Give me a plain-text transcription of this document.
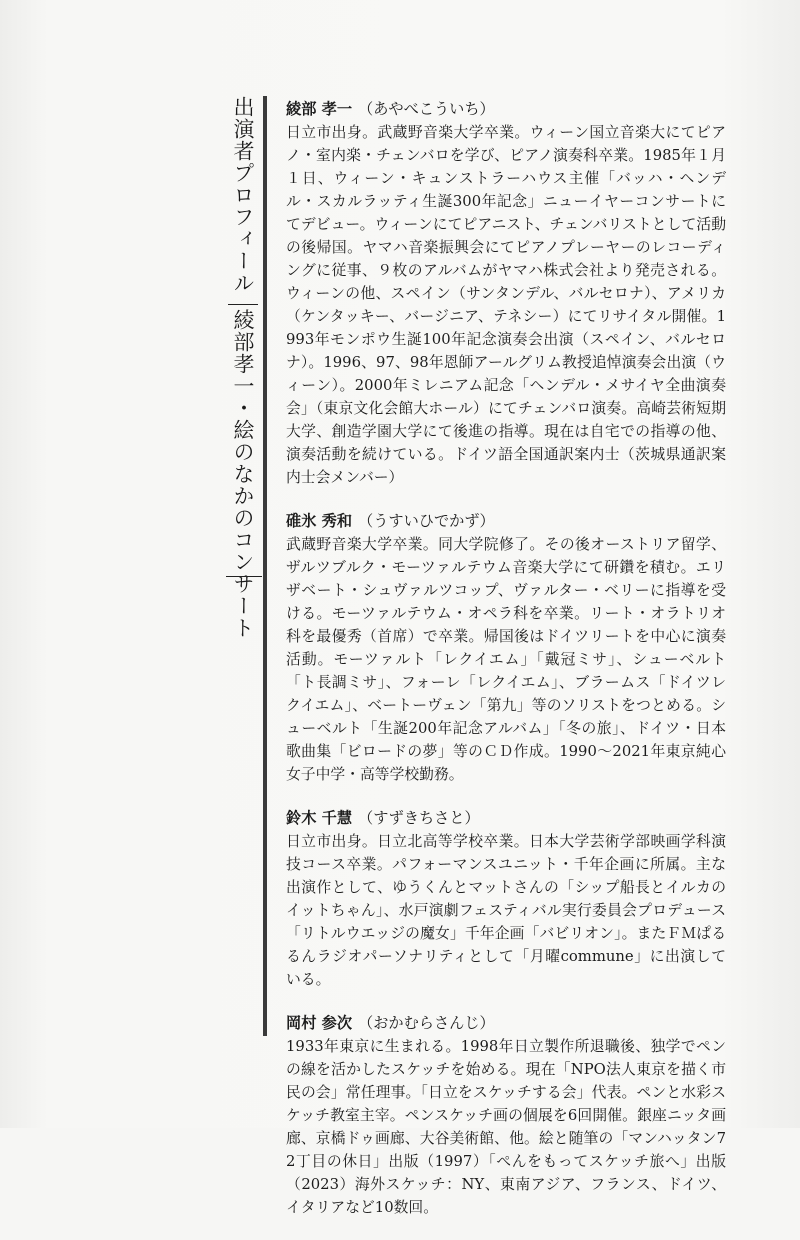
出演者プロフィール綾部孝一・絵のなかのコンサート
綾部 孝一 （あやべこういち）
日立市出身。武蔵野音楽大学卒業。ウィーン国立音楽大にてピアノ・室内楽・チェンバロを学び、ピアノ演奏科卒業。1985年１月１日、ウィーン・キュンストラーハウス主催「バッハ・ヘンデル・スカルラッティ生誕300年記念」ニューイヤーコンサートにてデビュー。ウィーンにてピアニスト、チェンバリストとして活動の後帰国。ヤマハ音楽振興会にてピアノプレーヤーのレコーディングに従事、９枚のアルバムがヤマハ株式会社より発売される。ウィーンの他、スペイン（サンタンデル、バルセロナ）、アメリカ（ケンタッキー、バージニア、テネシー）にてリサイタル開催。1993年モンポウ生誕100年記念演奏会出演（スペイン、バルセロナ）。1996、97、98年恩師アールグリム教授追悼演奏会出演（ウィーン）。2000年ミレニアム記念「ヘンデル・メサイヤ全曲演奏会」（東京文化会館大ホール）にてチェンバロ演奏。高崎芸術短期大学、創造学園大学にて後進の指導。現在は自宅での指導の他、演奏活動を続けている。ドイツ語全国通訳案内士（茨城県通訳案内士会メンバー）
碓氷 秀和 （うすいひでかず）
武蔵野音楽大学卒業。同大学院修了。その後オーストリア留学、ザルツブルク・モーツァルテウム音楽大学にて研鑽を積む。エリザベート・シュヴァルツコップ、ヴァルター・ベリーに指導を受ける。モーツァルテウム・オペラ科を卒業。リート・オラトリオ科を最優秀（首席）で卒業。帰国後はドイツリートを中心に演奏活動。モーツァルト「レクイエム」「戴冠ミサ」、シューベルト「ト長調ミサ」、フォーレ「レクイエム」、ブラームス「ドイツレクイエム」、ベートーヴェン「第九」等のソリストをつとめる。シューベルト「生誕200年記念アルバム」「冬の旅」、ドイツ・日本歌曲集「ビロードの夢」等のＣＤ作成。1990～2021年東京純心女子中学・高等学校勤務。
鈴木 千慧 （すずきちさと）
日立市出身。日立北高等学校卒業。日本大学芸術学部映画学科演技コース卒業。パフォーマンスユニット・千年企画に所属。主な出演作として、ゆうくんとマットさんの「シップ船長とイルカのイットちゃん」、水戸演劇フェスティバル実行委員会プロデュース「リトルウエッジの魔女」千年企画「バビリオン」。またＦＭぱるるんラジオパーソナリティとして「月曜commune」に出演している。
岡村 参次 （おかむらさんじ）
1933年東京に生まれる。1998年日立製作所退職後、独学でペンの線を活かしたスケッチを始める。現在「NPO法人東京を描く市民の会」常任理事。「日立をスケッチする会」代表。ペンと水彩スケッチ教室主宰。ペンスケッチ画の個展を6回開催。銀座ニッタ画廊、京橋ドゥ画廊、大谷美術館、他。絵と随筆の「マンハッタン72丁目の休日」出版（1997）「ぺんをもってスケッチ旅へ」出版（2023）海外スケッチ：NY、東南アジア、フランス、ドイツ、イタリアなど10数回。
